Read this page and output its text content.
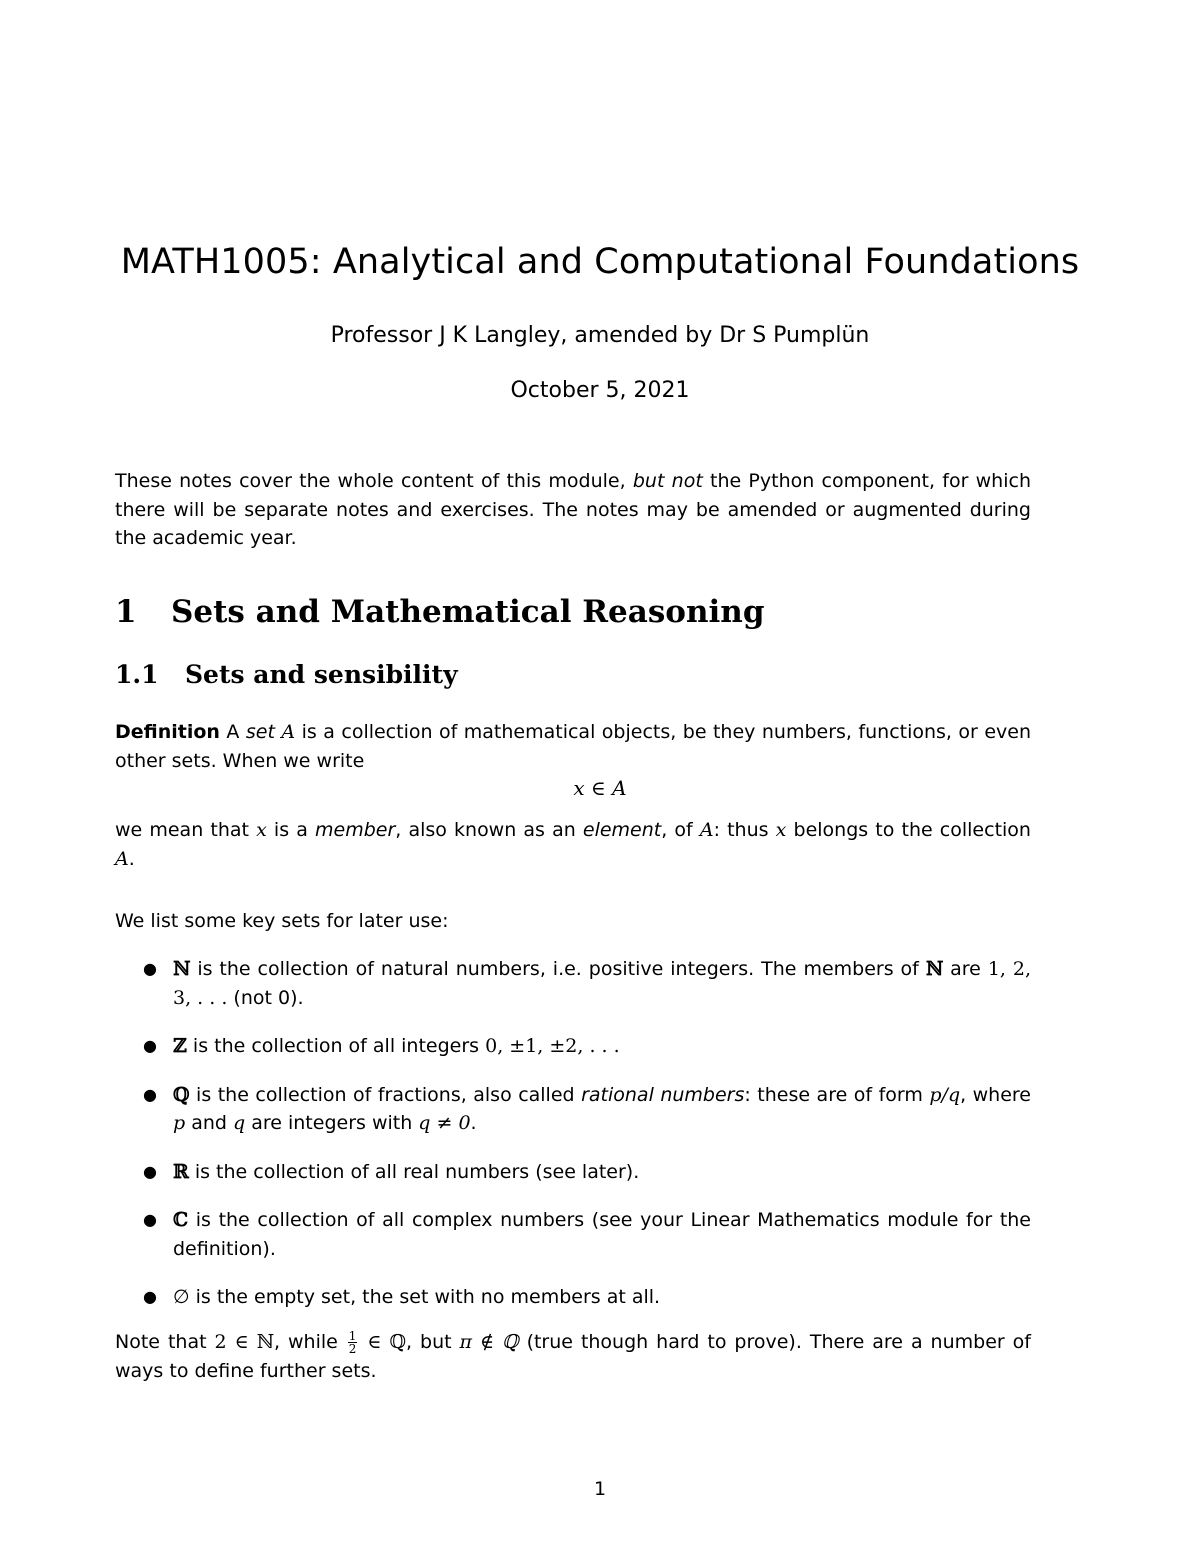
MATH1005: Analytical and Computational Foundations
Professor J K Langley, amended by Dr S Pumplün
October 5, 2021

These notes cover the whole content of this module, but not the Python component, for which there will be separate notes and exercises. The notes may be amended or augmented during the academic year.

1 Sets and Mathematical Reasoning
1.1 Sets and sensibility

Definition A set A is a collection of mathematical objects, be they numbers, functions, or even other sets. When we write

x ∈ A

we mean that x is a member, also known as an element, of A: thus x belongs to the collection A.

We list some key sets for later use:

● ℕ is the collection of natural numbers, i.e. positive integers. The members of ℕ are 1, 2, 3, . . . (not 0).
● ℤ is the collection of all integers 0, ±1, ±2, . . .
● ℚ is the collection of fractions, also called rational numbers: these are of form p/q, where p and q are integers with q ≠ 0.
● ℝ is the collection of all real numbers (see later).
● ℂ is the collection of all complex numbers (see your Linear Mathematics module for the definition).
● ∅ is the empty set, the set with no members at all.

Note that 2 ∈ ℕ, while $\frac{1}{2}$ ∈ ℚ, but π ∉ ℚ (true though hard to prove). There are a number of ways to define further sets.

1
